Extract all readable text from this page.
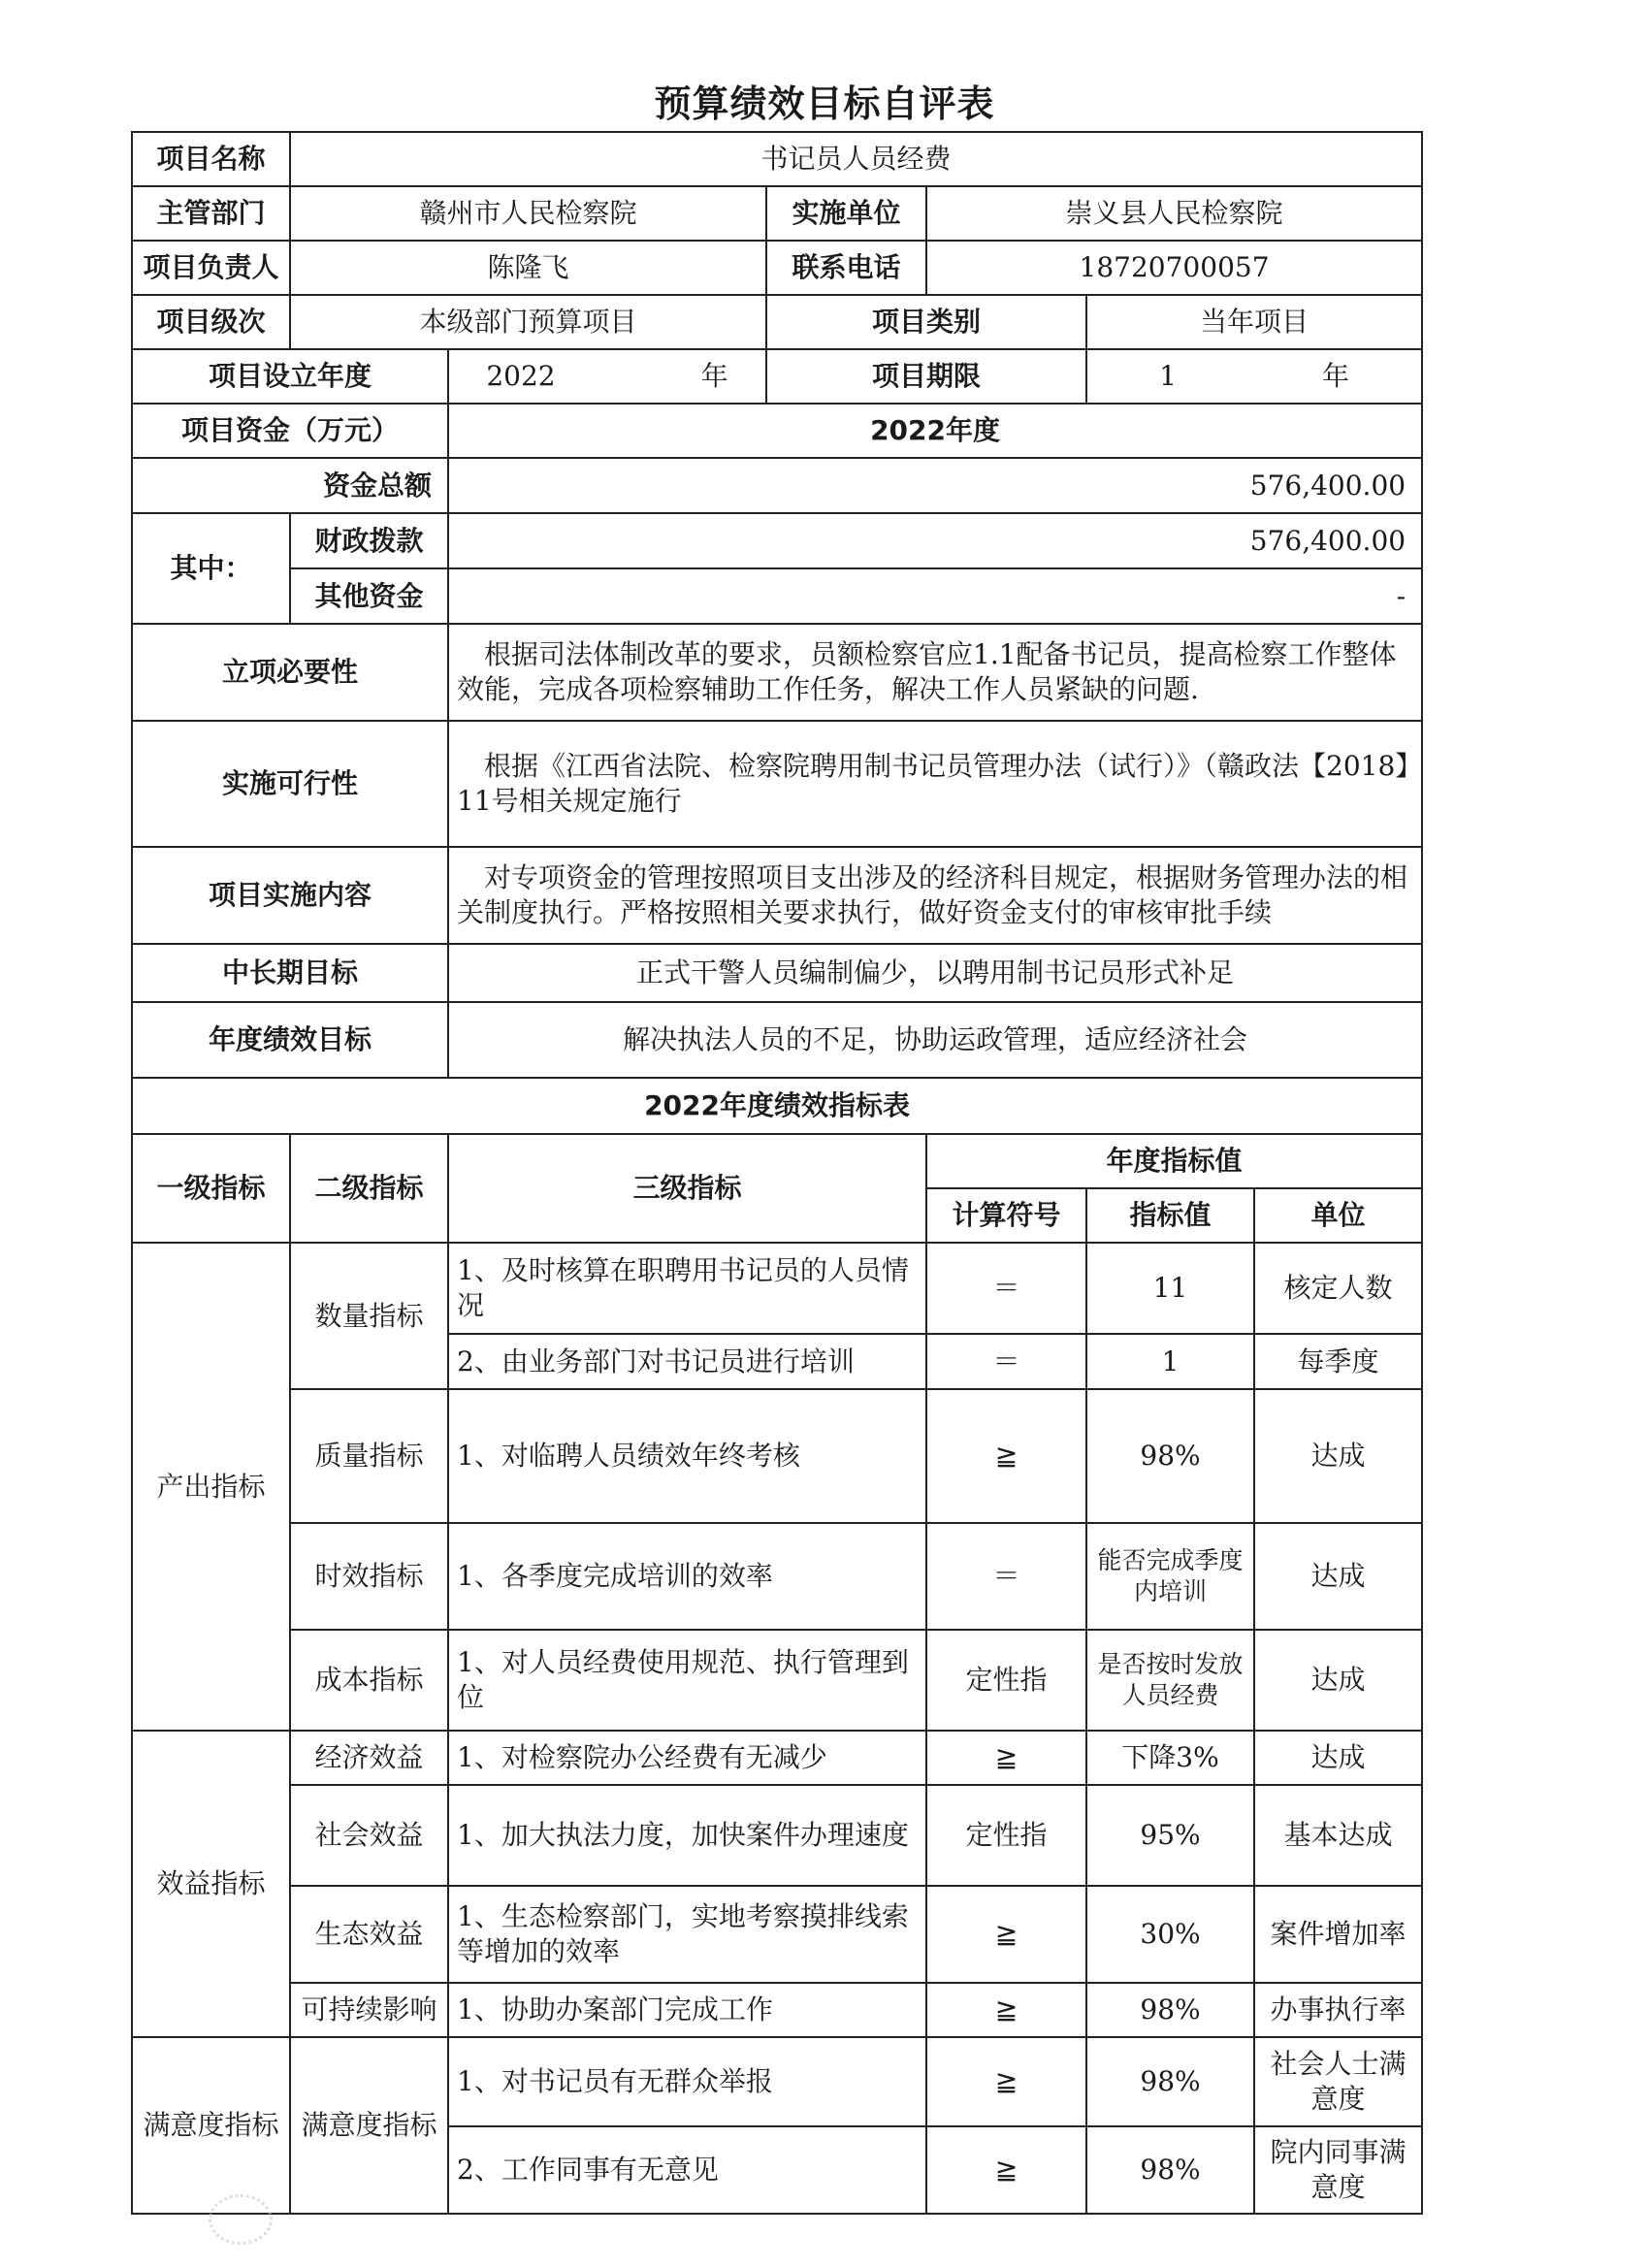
预算绩效目标自评表
项目名称	书记员人员经费					
主管部门	赣州市人民检察院		实施单位	崇义县人民检察院		
项目负责人	陈隆飞		联系电话	18720700057		
项目级次	本级部门预算项目		项目类别		当年项目	
项目设立年度		2022 年	项目期限		1 年	
项目资金（万元）		2022年度				
资金总额		576,400.00				
其中：	财政拨款	576,400.00				
	其他资金	-				
立项必要性		根据司法体制改革的要求，员额检察官应1.1配备书记员，提高检察工作整体效能，完成各项检察辅助工作任务，解决工作人员紧缺的问题.				
实施可行性		根据《江西省法院、检察院聘用制书记员管理办法（试行）》（赣政法【2018】11号相关规定施行				
项目实施内容		对专项资金的管理按照项目支出涉及的经济科目规定，根据财务管理办法的相关制度执行。严格按照相关要求执行，做好资金支付的审核审批手续				
中长期目标		正式干警人员编制偏少，以聘用制书记员形式补足				
年度绩效目标		解决执法人员的不足，协助运政管理，适应经济社会				
2022年度绩效指标表						
一级指标	二级指标	三级指标		年度指标值		
				计算符号	指标值	单位
产出指标	数量指标	1、及时核算在职聘用书记员的人员情况		＝	11	核定人数
		2、由业务部门对书记员进行培训		＝	1	每季度
	质量指标	1、对临聘人员绩效年终考核		≧	98%	达成
	时效指标	1、各季度完成培训的效率		＝	能否完成季度内培训	达成
	成本指标	1、对人员经费使用规范、执行管理到位		定性指	是否按时发放人员经费	达成

效益指标	经济效益	1、对检察院办公经费有无减少		≧	下降3%	达成
	社会效益	1、加大执法力度，加快案件办理速度		定性指	95%	基本达成
	生态效益	1、生态检察部门，实地考察摸排线索等增加的效率		≧	30%	案件增加率
	可持续影响	1、协助办案部门完成工作		≧	98%	办事执行率
满意度指标	满意度指标	1、对书记员有无群众举报		≧	98%	社会人士满意度
		2、工作同事有无意见		≧	98%	院内同事满意度
